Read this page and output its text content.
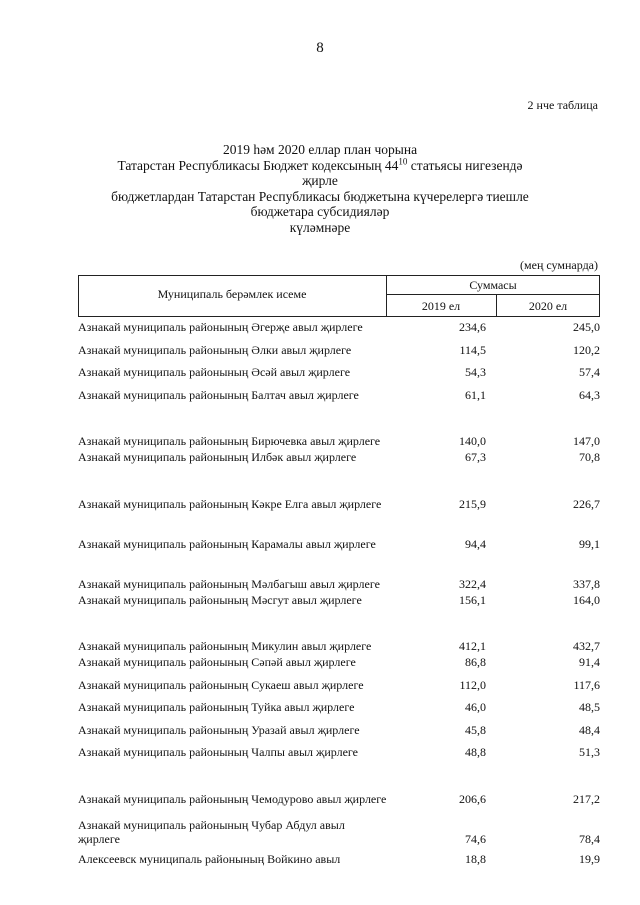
8
2 нче таблица
2019 һәм 2020 еллар план чорына
Татарстан Республикасы Бюджет кодексының $44^{10}$ статьясы нигезендә җирле
бюджетлардан Татарстан Республикасы бюджетына күчерелергә тиешле
бюджетара субсидияләр
күләмнәре
(мең сумнарда)
Муниципаль берәмлек исеме
Суммасы
2019 ел	2020 ел
Азнакай муниципаль районының Әгерҗе авыл җирлеге	234,6	245,0
Азнакай муниципаль районының Әлки авыл җирлеге	114,5	120,2
Азнакай муниципаль районының Әсәй авыл җирлеге	54,3	57,4
Азнакай муниципаль районының Балтач авыл җирлеге	61,1	64,3
Азнакай муниципаль районының Бирючевка авыл җирлеге	140,0	147,0
Азнакай муниципаль районының Илбәк авыл җирлеге	67,3	70,8
Азнакай муниципаль районының Кәкре Елга авыл җирлеге	215,9	226,7
Азнакай муниципаль районының Карамалы авыл җирлеге	94,4	99,1
Азнакай муниципаль районының Мәлбагыш авыл җирлеге	322,4	337,8
Азнакай муниципаль районының Мәсгут авыл җирлеге	156,1	164,0
Азнакай муниципаль районының Микулин авыл җирлеге	412,1	432,7
Азнакай муниципаль районының Сәпәй авыл җирлеге	86,8	91,4
Азнакай муниципаль районының Сукаеш авыл җирлеге	112,0	117,6
Азнакай муниципаль районының Туйка авыл җирлеге	46,0	48,5
Азнакай муниципаль районының Уразай авыл җирлеге	45,8	48,4
Азнакай муниципаль районының Чалпы авыл җирлеге	48,8	51,3
Азнакай муниципаль районының Чемодурово авыл җирлеге	206,6	217,2
Азнакай муниципаль районының Чубар Абдул авыл җирлеге	74,6	78,4
Алексеевск муниципаль районының Войкино авыл	18,8	19,9
